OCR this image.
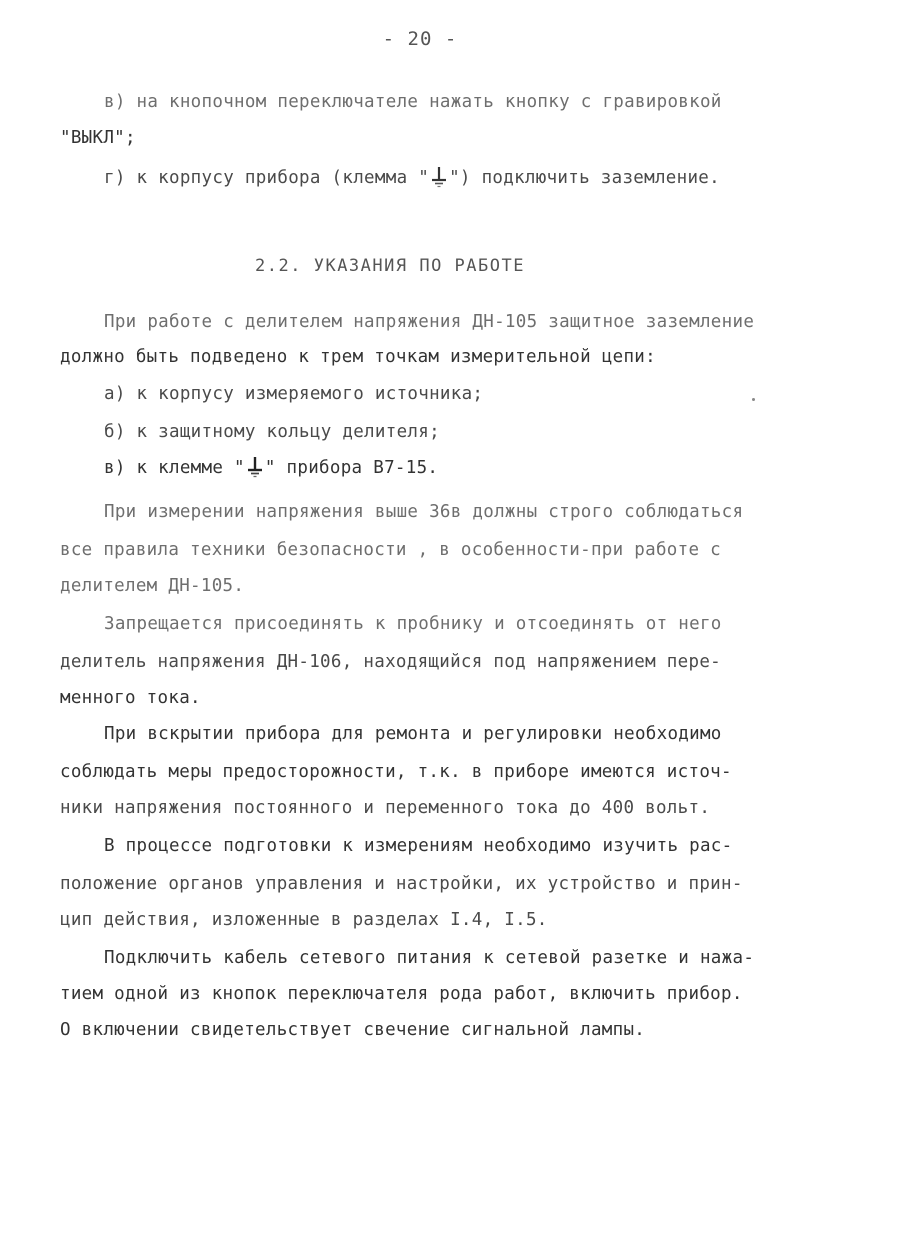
- 20 -
в) на кнопочном переключателе нажать кнопку с гравировкой
"ВЫКЛ";
г) к корпусу прибора (клемма " ") подключить заземление.
2.2. УКАЗАНИЯ ПО РАБОТЕ
При работе с делителем напряжения ДН-105 защитное заземление
должно быть подведено к трем точкам измерительной цепи:
а) к корпусу измеряемого источника;
б) к защитному кольцу делителя;
в) к клемме " " прибора В7-15.
При измерении напряжения выше 36в должны строго соблюдаться
все правила техники безопасности , в особенности-при работе с
делителем ДН-105.
Запрещается присоединять к пробнику и отсоединять от него
делитель напряжения ДН-106, находящийся под напряжением пере-
менного тока.
При вскрытии прибора для ремонта и регулировки необходимо
соблюдать меры предосторожности, т.к. в приборе имеются источ-
ники напряжения постоянного и переменного тока до 400 вольт.
В процессе подготовки к измерениям необходимо изучить рас-
положение органов управления и настройки, их устройство и прин-
цип действия, изложенные в разделах I.4, I.5.
Подключить кабель сетевого питания к сетевой разетке и нажа-
тием одной из кнопок переключателя рода работ, включить прибор.
О включении свидетельствует свечение сигнальной лампы.
